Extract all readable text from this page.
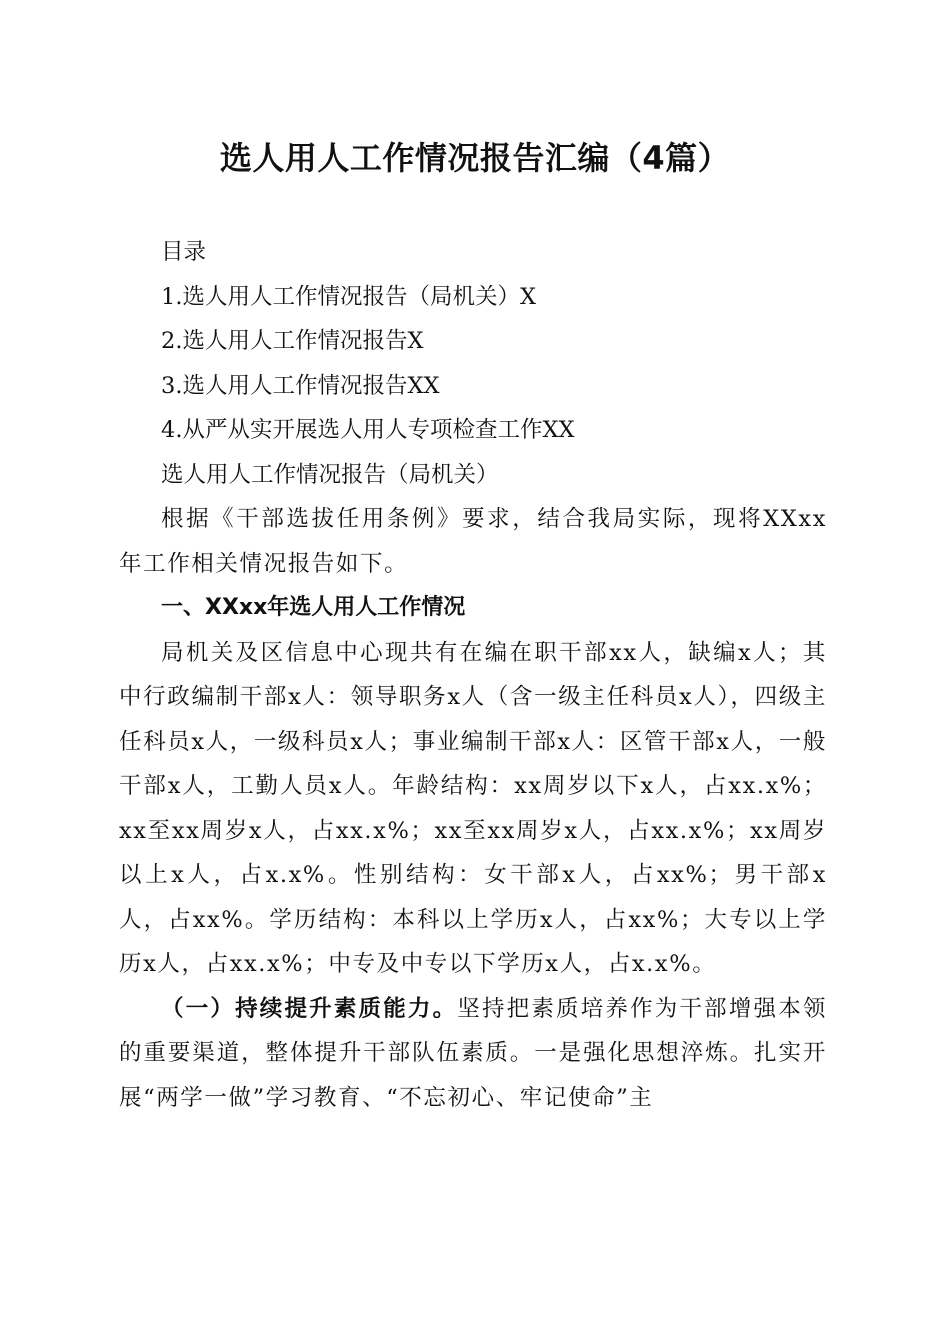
选人用人工作情况报告汇编（4篇）

目录

1.选人用人工作情况报告（局机关）X

2.选人用人工作情况报告X

3.选人用人工作情况报告XX

4.从严从实开展选人用人专项检查工作XX

选人用人工作情况报告（局机关）

根据《干部选拔任用条例》要求，结合我局实际，现将XXxx年工作相关情况报告如下。

一、XXxx年选人用人工作情况

局机关及区信息中心现共有在编在职干部xx人，缺编x人；其中行政编制干部x人：领导职务x人（含一级主任科员x人），四级主任科员x人，一级科员x人；事业编制干部x人：区管干部x人，一般干部x人，工勤人员x人。年龄结构：xx周岁以下x人，占xx.x%；xx至xx周岁x人，占xx.x%；xx至xx周岁x人，占xx.x%；xx周岁以上x人，占x.x%。性别结构：女干部x人，占xx%；男干部x人，占xx%。学历结构：本科以上学历x人，占xx%；大专以上学历x人，占xx.x%；中专及中专以下学历x人，占x.x%。

（一）持续提升素质能力。坚持把素质培养作为干部增强本领的重要渠道，整体提升干部队伍素质。一是强化思想淬炼。扎实开展“两学一做”学习教育、“不忘初心、牢记使命”主
